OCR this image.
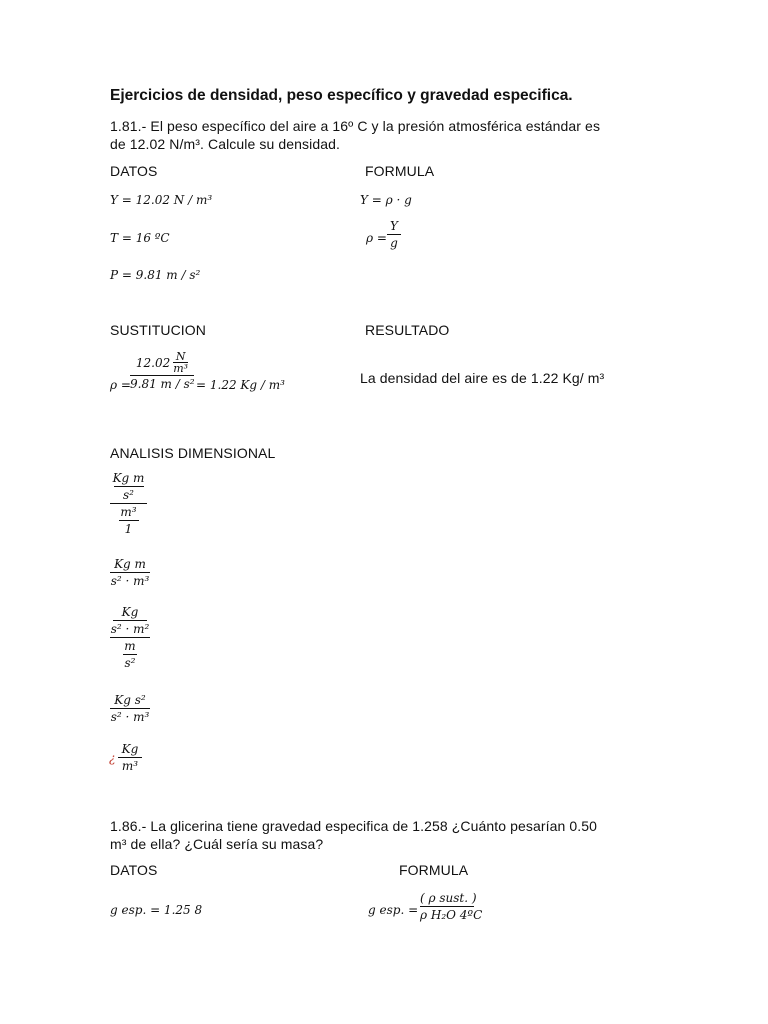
Ejercicios de densidad, peso específico y gravedad especifica.
1.81.- El peso específico del aire a 16º C y la presión atmosférica estándar es
de 12.02 N/m³. Calcule su densidad.
DATOS	FORMULA
Y = 12.02 N / m³
T = 16 ºC
P = 9.81 m / s²
Y = ρ · g
ρ =
Y
g
SUSTITUCION	RESULTADO
ρ =
$12.02 \frac{N}{\text{m³}}$
9.81 m / s² = 1.22 Kg / m³	La densidad del aire es de 1.22 Kg/ m³
ANALISIS DIMENSIONAL
Kg m
s²
m³
1
Kg m
s² · m³
Kg
s² · m²
m
s²
Kg s²
s² · m³
¿
Kg
m³
1.86.- La glicerina tiene gravedad especifica de 1.258 ¿Cuánto pesarían 0.50
m³ de ella? ¿Cuál sería su masa?
DATOS	FORMULA
g esp. = 1.25 8	g esp. =
( ρ sust. )
ρ H₂O 4ºC
